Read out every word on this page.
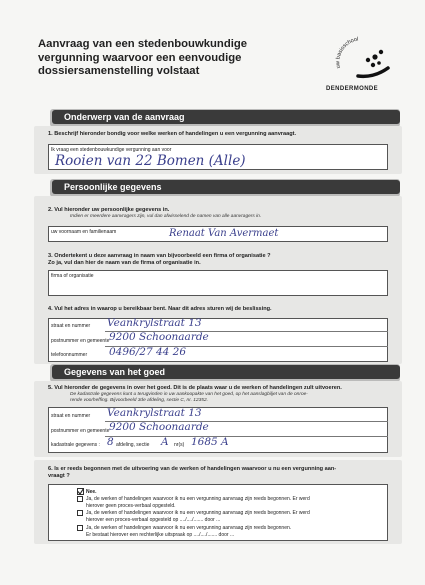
Aanvraag van een stedenbouwkundige
vergunning waarvoor een eenvoudige
dossiersamenstelling volstaat	uw basisschool
DENDERMONDE
Onderwerp van de aanvraag
1. Beschrijf hieronder bondig voor welke werken of handelingen u een vergunning aanvraagt.
Ik vraag een stedenbouwkundige vergunning aan voor
Rooien van 22 Bomen (Alle)
Persoonlijke gegevens
2. Vul hieronder uw persoonlijke gegevens in.
Indien er meerdere aanvragers zijn, vul dan afwisselend de namen van alle aanvragers in.
uw voornaam en familienaam	Renaat Van Avermaet
3. Ondertekent u deze aanvraag in naam van bijvoorbeeld een firma of organisatie ?
Zo ja, vul dan hier de naam van de firma of organisatie in.
firma of organisatie
4. Vul het adres in waarop u bereikbaar bent. Naar dit adres sturen wij de beslissing.
straat en nummer Veankrylstraat 13
postnummer en gemeente 9200 Schoonaarde
telefoonnummer 0496/27 44 26
Gegevens van het goed
5. Vul hieronder de gegevens in over het goed. Dit is de plaats waar u de werken of handelingen zult uitvoeren.
De kadastrale gegevens kunt u terugvinden in uw aankoopakte van het goed, op het aanslagbiljet van de onroe-
rende voorheffing. Bijvoorbeeld 3de afdeling, sectie C, nr. 12352.
straat en nummer Veankrylstraat 13
postnummer en gemeente 9200 Schoonaarde
kadastrale gegevens : 8 afdeling, sectie A nr(s) 1685 A
6. Is er reeds begonnen met de uitvoering van de werken of handelingen waarvoor u nu een vergunning aan-
vraagt ?
Nee.
Ja, de werken of handelingen waarvoor ik nu een vergunning aanvraag zijn reeds begonnen. Er werd
hierover geen proces-verbaal opgesteld.
Ja, de werken of handelingen waarvoor ik nu een vergunning aanvraag zijn reeds begonnen. Er werd
hierover een proces-verbaal opgesteld op ..../..../....... door ...
Ja, de werken of handelingen waarvoor ik nu een vergunning aanvraag zijn reeds begonnen.
Er bestaat hierover een rechterlijke uitspraak op ..../..../....... door ...
